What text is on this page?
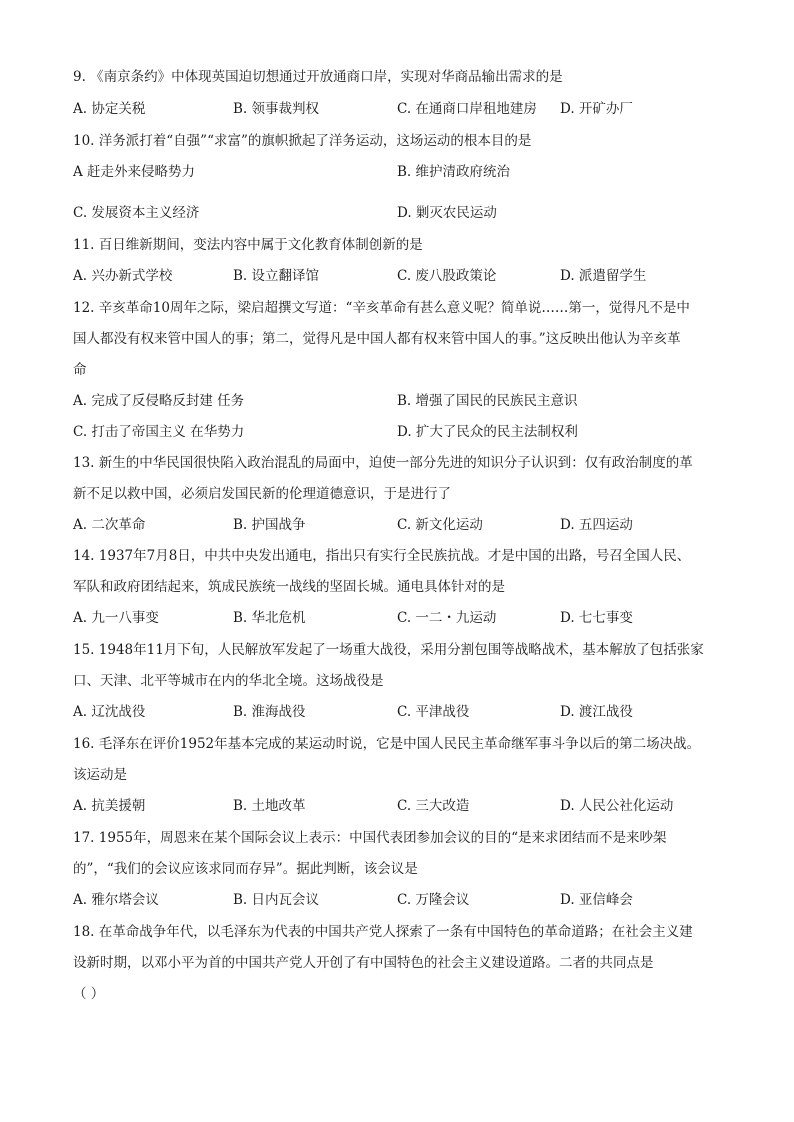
9. 《南京条约》中体现英国迫切想通过开放通商口岸，实现对华商品输出需求的是
A. 协定关税	B. 领事裁判权	C. 在通商口岸租地建房 D. 开矿办厂
10. 洋务派打着“自强”“求富”的旗帜掀起了洋务运动，这场运动的根本目的是
A 赶走外来侵略势力	B. 维护清政府统治
C. 发展资本主义经济	D. 剿灭农民运动
11. 百日维新期间，变法内容中属于文化教育体制创新的是
A. 兴办新式学校	B. 设立翻译馆	C. 废八股政策论	D. 派遣留学生
12. 辛亥革命10周年之际，梁启超撰文写道：“辛亥革命有甚么意义呢？简单说……第一，觉得凡不是中
国人都没有权来管中国人的事；第二，觉得凡是中国人都有权来管中国人的事。”这反映出他认为辛亥革
命
A. 完成了反侵略反封建 任务	B. 增强了国民的民族民主意识
C. 打击了帝国主义 在华势力	D. 扩大了民众的民主法制权利
13. 新生的中华民国很快陷入政治混乱的局面中，迫使一部分先进的知识分子认识到：仅有政治制度的革
新不足以救中国，必须启发国民新的伦理道德意识，于是进行了
A. 二次革命	B. 护国战争	C. 新文化运动	D. 五四运动
14. 1937年7月8日，中共中央发出通电，指出只有实行全民族抗战。才是中国的出路，号召全国人民、
军队和政府团结起来，筑成民族统一战线的坚固长城。通电具体针对的是
A. 九一八事变	B. 华北危机	C. 一二・九运动	D. 七七事变
15. 1948年11月下旬，人民解放军发起了一场重大战役，采用分割包围等战略战术，基本解放了包括张家
口、天津、北平等城市在内的华北全境。这场战役是
A. 辽沈战役	B. 淮海战役	C. 平津战役	D. 渡江战役
16. 毛泽东在评价1952年基本完成的某运动时说，它是中国人民民主革命继军事斗争以后的第二场决战。
该运动是
A. 抗美援朝	B. 土地改革	C. 三大改造	D. 人民公社化运动
17. 1955年，周恩来在某个国际会议上表示：中国代表团参加会议的目的“是来求团结而不是来吵架
的”，“我们的会议应该求同而存异”。据此判断，该会议是
A. 雅尔塔会议	B. 日内瓦会议	C. 万隆会议	D. 亚信峰会
18. 在革命战争年代，以毛泽东为代表的中国共产党人探索了一条有中国特色的革命道路；在社会主义建
设新时期，以邓小平为首的中国共产党人开创了有中国特色的社会主义建设道路。二者的共同点是
（ ）
